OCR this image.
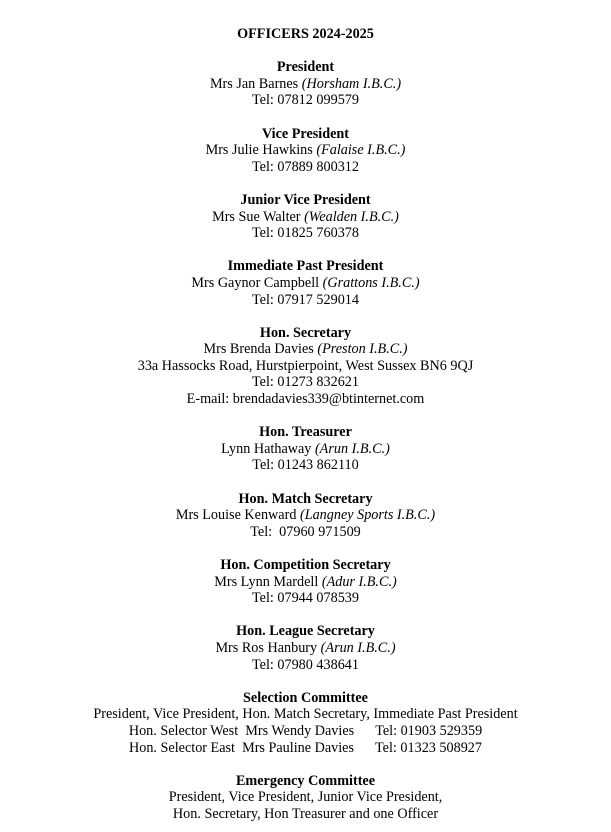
OFFICERS 2024-2025
President
Mrs Jan Barnes (Horsham I.B.C.)
Tel: 07812 099579
Vice President
Mrs Julie Hawkins (Falaise I.B.C.)
Tel: 07889 800312
Junior Vice President
Mrs Sue Walter (Wealden I.B.C.)
Tel: 01825 760378
Immediate Past President
Mrs Gaynor Campbell (Grattons I.B.C.)
Tel: 07917 529014
Hon. Secretary
Mrs Brenda Davies (Preston I.B.C.)
33a Hassocks Road, Hurstpierpoint, West Sussex BN6 9QJ
Tel: 01273 832621
E-mail: brendadavies339@btinternet.com
Hon. Treasurer
Lynn Hathaway (Arun I.B.C.)
Tel: 01243 862110
Hon. Match Secretary
Mrs Louise Kenward (Langney Sports I.B.C.)
Tel:  07960 971509
Hon. Competition Secretary
Mrs Lynn Mardell (Adur I.B.C.)
Tel: 07944 078539
Hon. League Secretary
Mrs Ros Hanbury (Arun I.B.C.)
Tel: 07980 438641
Selection Committee
President, Vice President, Hon. Match Secretary, Immediate Past President
Hon. Selector West  Mrs Wendy Davies      Tel: 01903 529359
Hon. Selector East  Mrs Pauline Davies      Tel: 01323 508927
Emergency Committee
President, Vice President, Junior Vice President,
Hon. Secretary, Hon Treasurer and one Officer
